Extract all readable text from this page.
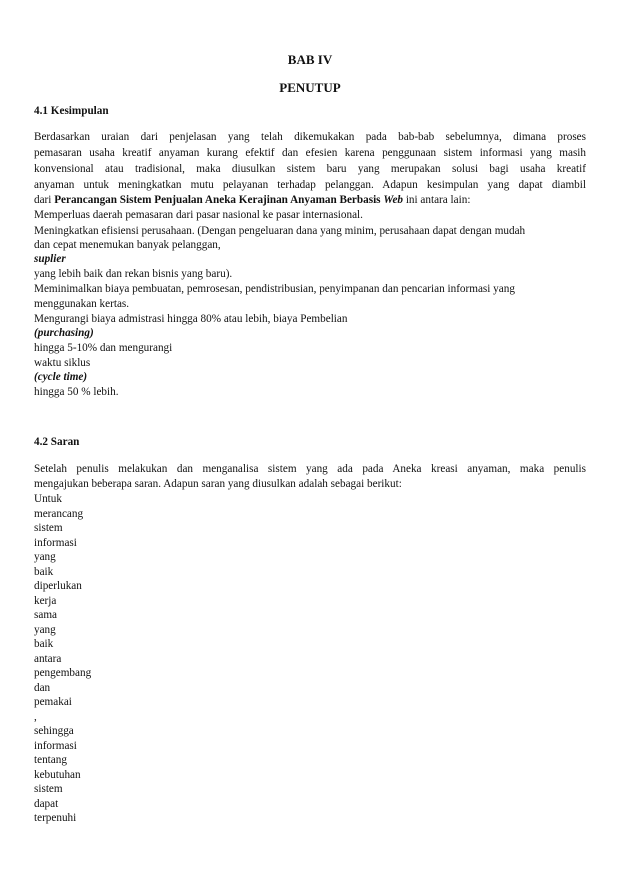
BAB IV
PENUTUP
4.1 Kesimpulan
Berdasarkan uraian dari penjelasan yang telah dikemukakan pada bab-bab sebelumnya, dimana proses
pemasaran usaha kreatif anyaman kurang efektif dan efesien karena penggunaan sistem informasi yang masih
konvensional atau tradisional, maka diusulkan sistem baru yang merupakan solusi bagi usaha kreatif
anyaman untuk meningkatkan mutu pelayanan terhadap pelanggan. Adapun kesimpulan yang dapat diambil
dari Perancangan Sistem Penjualan Aneka Kerajinan Anyaman Berbasis Web ini antara lain:
Memperluas daerah pemasaran dari pasar nasional ke pasar internasional.
Meningkatkan efisiensi perusahaan. (Dengan pengeluaran dana yang minim, perusahaan dapat dengan mudah
dan cepat menemukan banyak pelanggan,
suplier
yang lebih baik dan rekan bisnis yang baru).
Meminimalkan biaya pembuatan, pemrosesan, pendistribusian, penyimpanan dan pencarian informasi yang
menggunakan kertas.
Mengurangi biaya admistrasi hingga 80% atau lebih, biaya Pembelian
(purchasing)
hingga 5-10% dan mengurangi
waktu siklus
(cycle time)
hingga 50 % lebih.
4.2 Saran
Setelah penulis melakukan dan menganalisa sistem yang ada pada Aneka kreasi anyaman, maka penulis
mengajukan beberapa saran. Adapun saran yang diusulkan adalah sebagai berikut:
Untuk
merancang
sistem
informasi
yang
baik
diperlukan
kerja
sama
yang
baik
antara
pengembang
dan
pemakai
,
sehingga
informasi
tentang
kebutuhan
sistem
dapat
terpenuhi
